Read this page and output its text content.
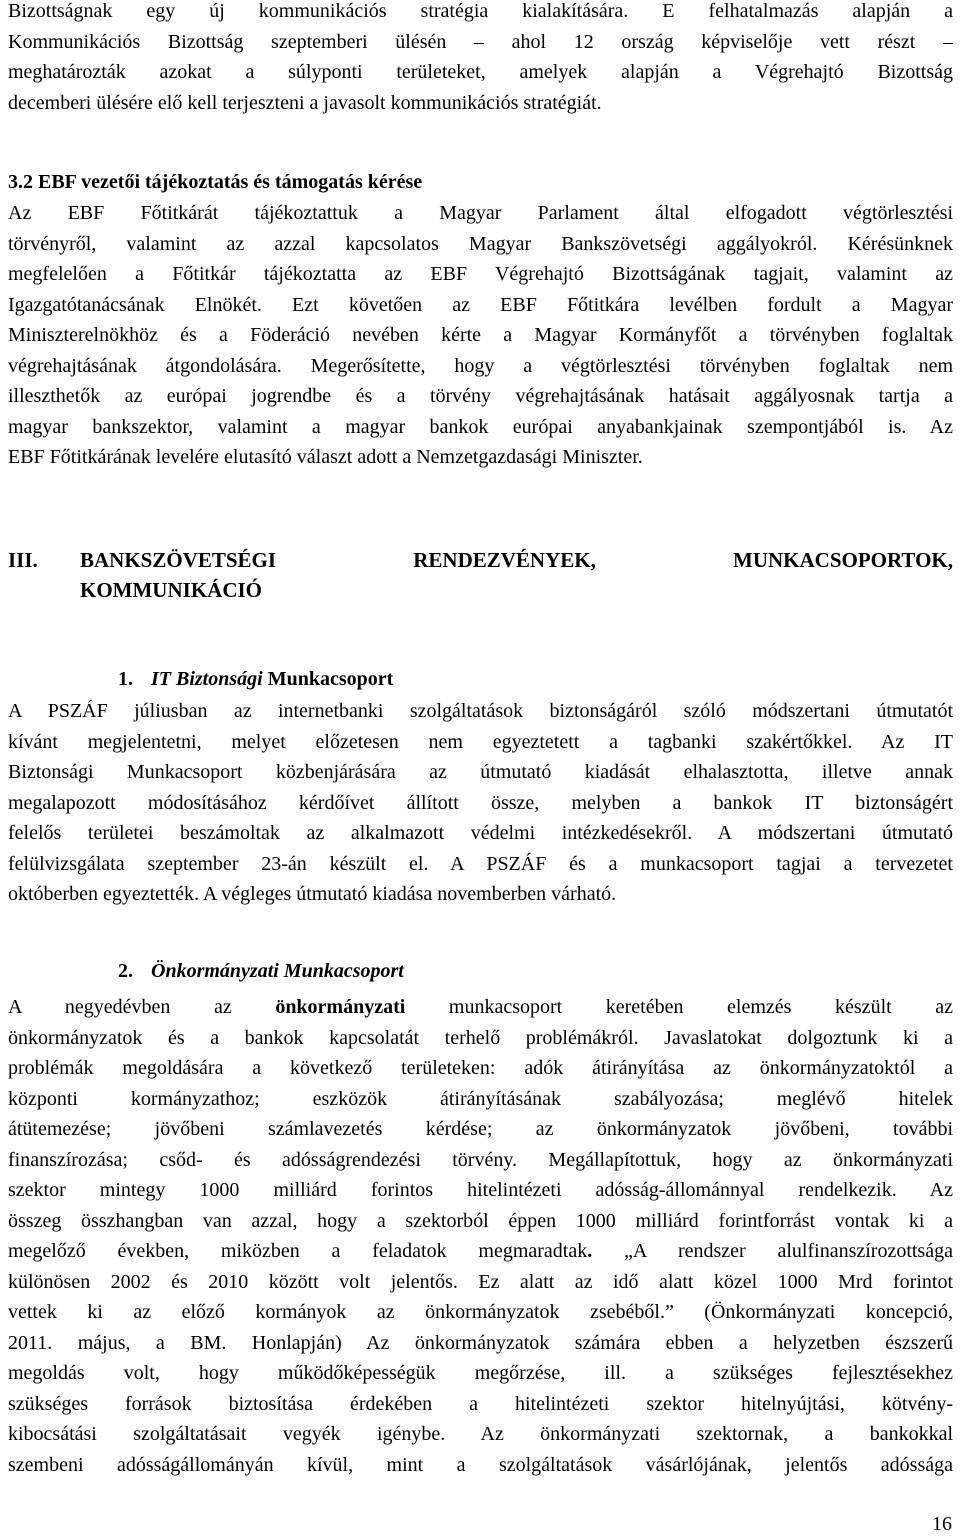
Bizottságnak egy új kommunikációs stratégia kialakítására. E felhatalmazás alapján a
Kommunikációs Bizottság szeptemberi ülésén – ahol 12 ország képviselője vett részt –
meghatározták azokat a súlyponti területeket, amelyek alapján a Végrehajtó Bizottság
decemberi ülésére elő kell terjeszteni a javasolt kommunikációs stratégiát.
3.2 EBF vezetői tájékoztatás és támogatás kérése
Az EBF Főtitkárát tájékoztattuk a Magyar Parlament által elfogadott végtörlesztési
törvényről, valamint az azzal kapcsolatos Magyar Bankszövetségi aggályokról. Kérésünknek
megfelelően a Főtitkár tájékoztatta az EBF Végrehajtó Bizottságának tagjait, valamint az
Igazgatótanácsának Elnökét. Ezt követően az EBF Főtitkára levélben fordult a Magyar
Miniszterelnökhöz és a Föderáció nevében kérte a Magyar Kormányfőt a törvényben foglaltak
végrehajtásának átgondolására. Megerősítette, hogy a végtörlesztési törvényben foglaltak nem
illeszthetők az európai jogrendbe és a törvény végrehajtásának hatásait aggályosnak tartja a
magyar bankszektor, valamint a magyar bankok európai anyabankjainak szempontjából is. Az
EBF Főtitkárának levelére elutasító választ adott a Nemzetgazdasági Miniszter.
III. BANKSZÖVETSÉGI	RENDEZVÉNYEK,	MUNKACSOPORTOK,
KOMMUNIKÁCIÓ
1. IT Biztonsági Munkacsoport
A PSZÁF júliusban az internetbanki szolgáltatások biztonságáról szóló módszertani útmutatót
kívánt megjelentetni, melyet előzetesen nem egyeztetett a tagbanki szakértőkkel. Az IT
Biztonsági Munkacsoport közbenjárására az útmutató kiadását elhalasztotta, illetve annak
megalapozott módosításához kérdőívet állított össze, melyben a bankok IT biztonságért
felelős területei beszámoltak az alkalmazott védelmi intézkedésekről. A módszertani útmutató
felülvizsgálata szeptember 23-án készült el. A PSZÁF és a munkacsoport tagjai a tervezetet
októberben egyeztették. A végleges útmutató kiadása novemberben várható.
2. Önkormányzati Munkacsoport
A negyedévben az önkormányzati munkacsoport keretében elemzés készült az
önkormányzatok és a bankok kapcsolatát terhelő problémákról. Javaslatokat dolgoztunk ki a
problémák megoldására a következő területeken: adók átirányítása az önkormányzatoktól a
központi kormányzathoz; eszközök átirányításának szabályozása; meglévő hitelek
átütemezése; jövőbeni számlavezetés kérdése; az önkormányzatok jövőbeni, további
finanszírozása; csőd- és adósságrendezési törvény. Megállapítottuk, hogy az önkormányzati
szektor mintegy 1000 milliárd forintos hitelintézeti adósság-állománnyal rendelkezik. Az
összeg összhangban van azzal, hogy a szektorból éppen 1000 milliárd forintforrást vontak ki a
megelőző években, miközben a feladatok megmaradtak. „A rendszer alulfinanszírozottsága
különösen 2002 és 2010 között volt jelentős. Ez alatt az idő alatt közel 1000 Mrd forintot
vettek ki az előző kormányok az önkormányzatok zsebéből.” (Önkormányzati koncepció,
2011. május, a BM. Honlapján) Az önkormányzatok számára ebben a helyzetben észszerű
megoldás volt, hogy működőképességük megőrzése, ill. a szükséges fejlesztésekhez
szükséges források biztosítása érdekében a hitelintézeti szektor hitelnyújtási, kötvény-
kibocsátási szolgáltatásait vegyék igénybe. Az önkormányzati szektornak, a bankokkal
szembeni adósságállományán kívül, mint a szolgáltatások vásárlójának, jelentős adóssága
16
